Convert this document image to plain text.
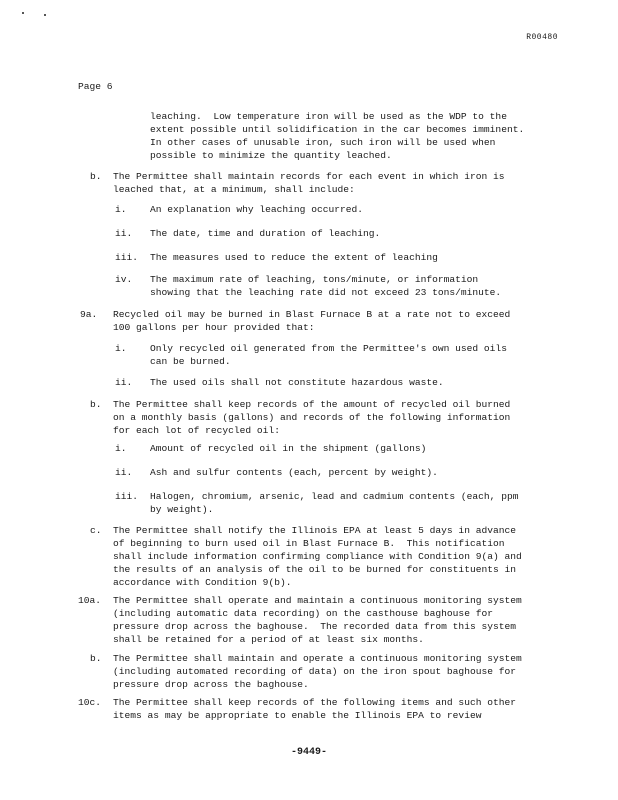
R00480
Page 6
leaching.  Low temperature iron will be used as the WDP to the
extent possible until solidification in the car becomes imminent.
In other cases of unusable iron, such iron will be used when
possible to minimize the quantity leached.
b. The Permittee shall maintain records for each event in which iron is
leached that, at a minimum, shall include:
i. An explanation why leaching occurred.
ii. The date, time and duration of leaching.
iii. The measures used to reduce the extent of leaching
iv. The maximum rate of leaching, tons/minute, or information
showing that the leaching rate did not exceed 23 tons/minute.
9a. Recycled oil may be burned in Blast Furnace B at a rate not to exceed
100 gallons per hour provided that:
i. Only recycled oil generated from the Permittee's own used oils
can be burned.
ii. The used oils shall not constitute hazardous waste.
b. The Permittee shall keep records of the amount of recycled oil burned
on a monthly basis (gallons) and records of the following information
for each lot of recycled oil:
i. Amount of recycled oil in the shipment (gallons)
ii. Ash and sulfur contents (each, percent by weight).
iii. Halogen, chromium, arsenic, lead and cadmium contents (each, ppm
by weight).
c. The Permittee shall notify the Illinois EPA at least 5 days in advance
of beginning to burn used oil in Blast Furnace B.  This notification
shall include information confirming compliance with Condition 9(a) and
the results of an analysis of the oil to be burned for constituents in
accordance with Condition 9(b).
10a. The Permittee shall operate and maintain a continuous monitoring system
(including automatic data recording) on the casthouse baghouse for
pressure drop across the baghouse.  The recorded data from this system
shall be retained for a period of at least six months.
b. The Permittee shall maintain and operate a continuous monitoring system
(including automated recording of data) on the iron spout baghouse for
pressure drop across the baghouse.
10c. The Permittee shall keep records of the following items and such other
items as may be appropriate to enable the Illinois EPA to review
-9449-
